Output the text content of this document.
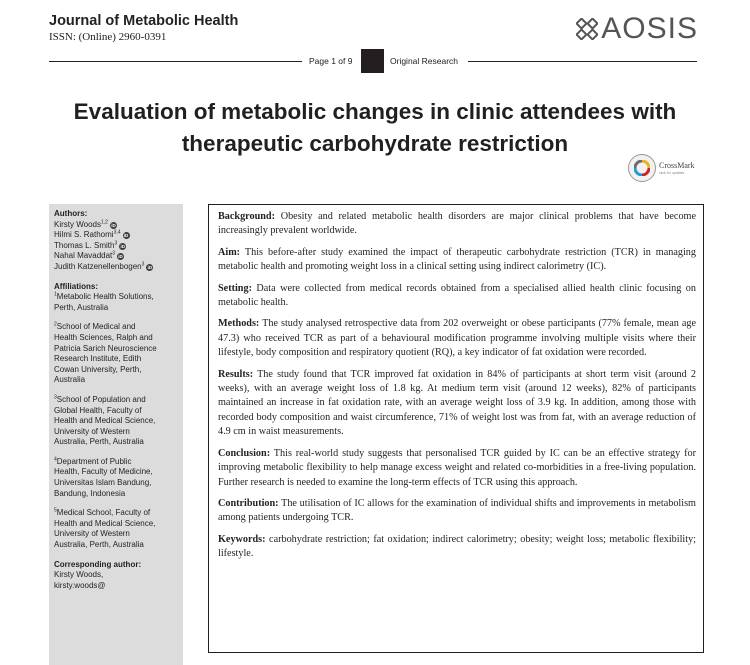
Journal of Metabolic Health
ISSN: (Online) 2960-0391	AOSIS
Page 1 of 9	Original Research
Evaluation of metabolic changes in clinic attendees with
therapeutic carbohydrate restriction
CrossMark
click for updates
Authors:
Kirsty Woods$^{1,2}$iD
Hilmi S. Rathomi$^{3,4}$iD
Thomas L. Smith$^3$iD
Nahal Mavaddat$^3$iD
Judith Katzenellenbogen$^3$iD
Affiliations:
$^1$Metabolic Health Solutions,
Perth, Australia
$^2$School of Medical and
Health Sciences, Ralph and
Patricia Sarich Neuroscience
Research Institute, Edith
Cowan University, Perth,
Australia
$^3$School of Population and
Global Health, Faculty of
Health and Medical Science,
University of Western
Australia, Perth, Australia
$^4$Department of Public
Health, Faculty of Medicine,
Universitas Islam Bandung,
Bandung, Indonesia
$^5$Medical School, Faculty of
Health and Medical Science,
University of Western
Australia, Perth, Australia
Corresponding author:
Kirsty Woods,
kirsty.woods@

Background: Obesity and related metabolic health disorders are major clinical problems that have become increasingly prevalent worldwide.

Aim: This before-after study examined the impact of therapeutic carbohydrate restriction (TCR) in managing metabolic health and promoting weight loss in a clinical setting using indirect calorimetry (IC).

Setting: Data were collected from medical records obtained from a specialised allied health clinic focusing on metabolic health.

Methods: The study analysed retrospective data from 202 overweight or obese participants (77% female, mean age 47.3) who received TCR as part of a behavioural modification programme involving multiple visits where their lifestyle, body composition and respiratory quotient (RQ), a key indicator of fat oxidation were recorded.

Results: The study found that TCR improved fat oxidation in 84% of participants at short term visit (around 2 weeks), with an average weight loss of 1.8 kg. At medium term visit (around 12 weeks), 82% of participants maintained an increase in fat oxidation rate, with an average weight loss of 3.9 kg. In addition, among those with recorded body composition and waist circumference, 71% of weight lost was from fat, with an average reduction of 4.9 cm in waist measurements.

Conclusion: This real-world study suggests that personalised TCR guided by IC can be an effective strategy for improving metabolic flexibility to help manage excess weight and related co-morbidities in a free-living population. Further research is needed to examine the long-term effects of TCR using this approach.

Contribution: The utilisation of IC allows for the examination of individual shifts and improvements in metabolism among patients undergoing TCR.

Keywords: carbohydrate restriction; fat oxidation; indirect calorimetry; obesity; weight loss; metabolic flexibility; lifestyle.
